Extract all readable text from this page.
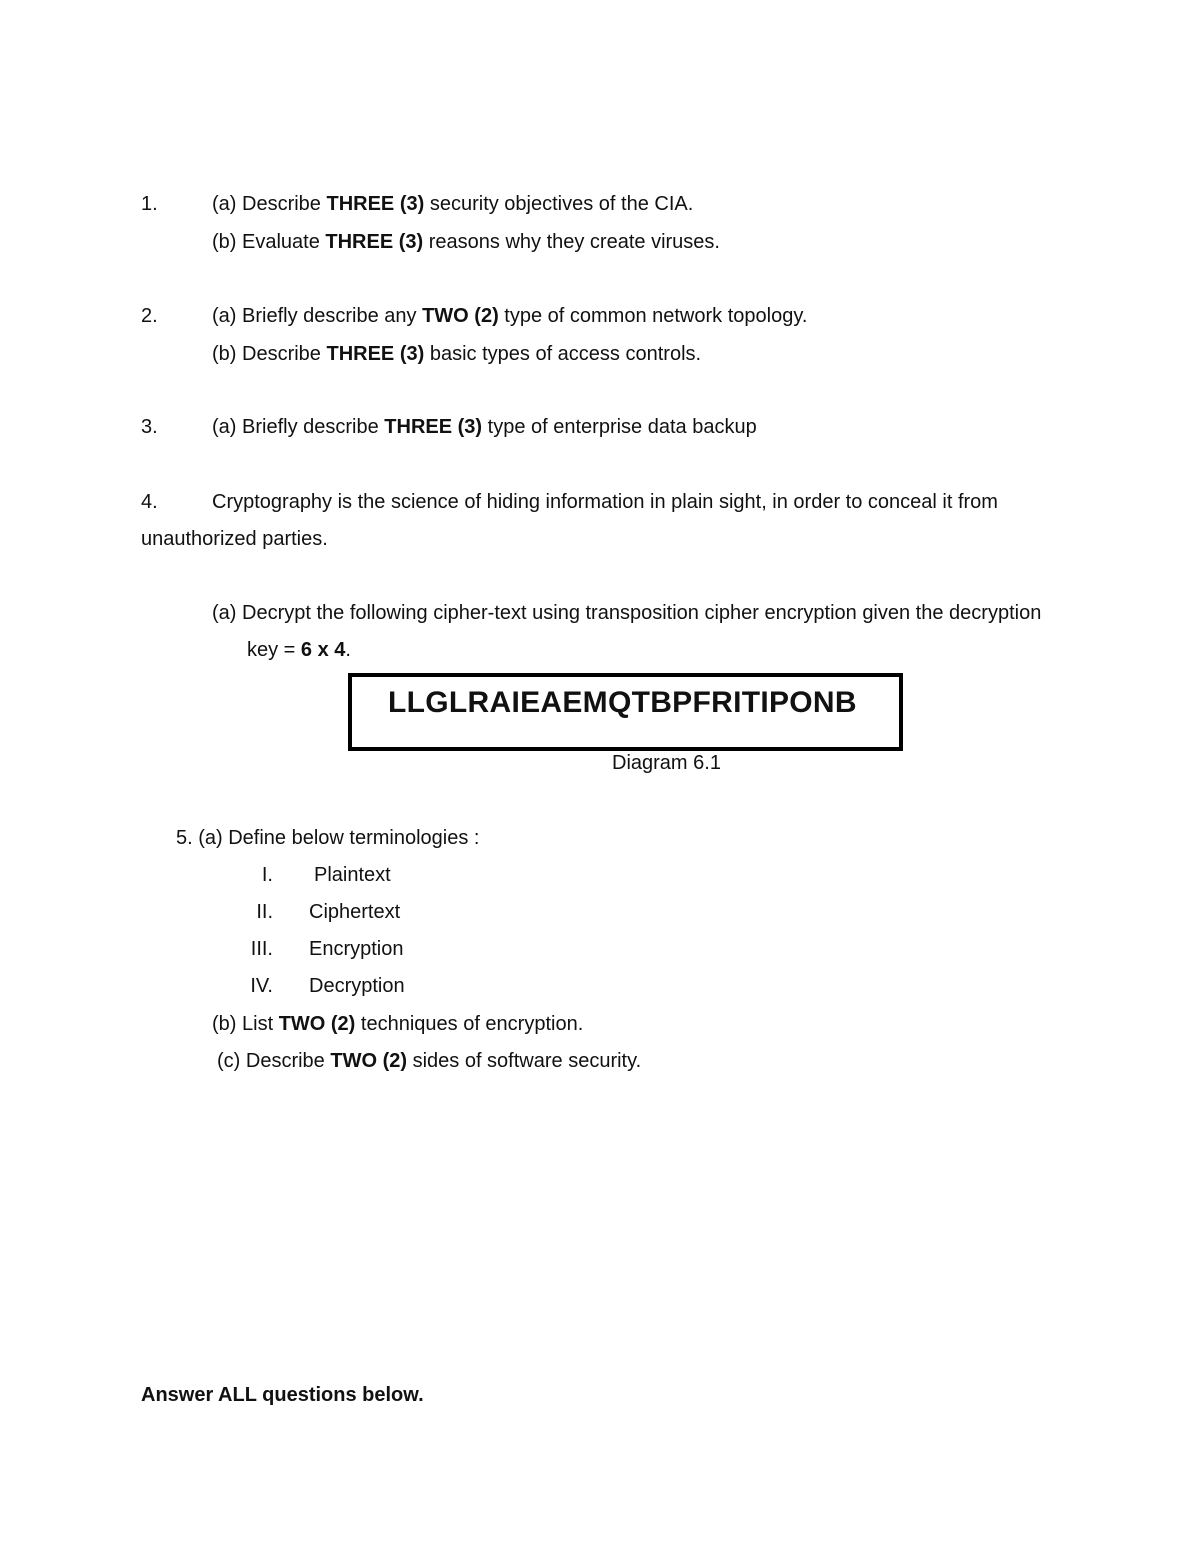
1.	(a) Describe THREE (3) security objectives of the CIA.
(b) Evaluate THREE (3) reasons why they create viruses.
2.	(a) Briefly describe any TWO (2) type of common network topology.
(b) Describe THREE (3) basic types of access controls.
3.	(a) Briefly describe THREE (3) type of enterprise data backup
4.	Cryptography is the science of hiding information in plain sight, in order to conceal it from
unauthorized parties.
(a) Decrypt the following cipher-text using transposition cipher encryption given the decryption
key = 6 x 4.
LLGLRAIEAEMQTBPFRITIPONB
Diagram 6.1
5. (a) Define below terminologies :
I. Plaintext
II. Ciphertext
III. Encryption
IV. Decryption
(b) List TWO (2) techniques of encryption.
(c) Describe TWO (2) sides of software security.
Answer ALL questions below.
